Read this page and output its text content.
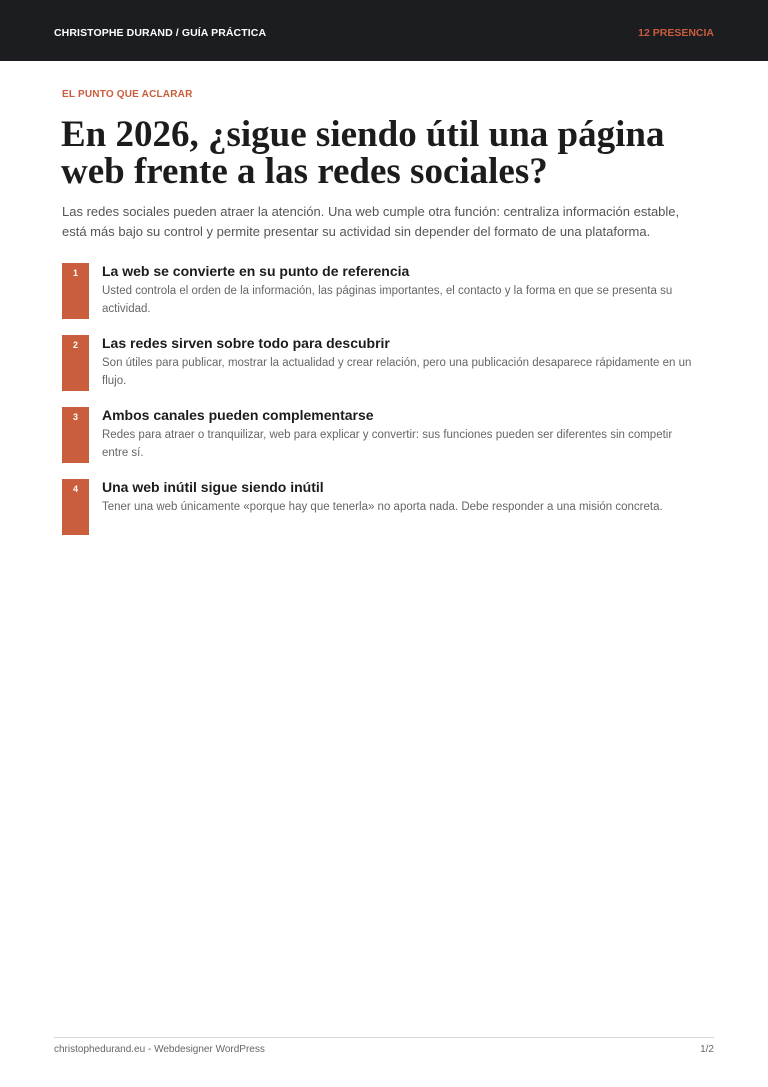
CHRISTOPHE DURAND / GUÍA PRÁCTICA	12 PRESENCIA
EL PUNTO QUE ACLARAR
En 2026, ¿sigue siendo útil una página web frente a las redes sociales?

Las redes sociales pueden atraer la atención. Una web cumple otra función: centraliza información estable, está más bajo su control y permite presentar su actividad sin depender del formato de una plataforma.

1	La web se convierte en su punto de referencia
Usted controla el orden de la información, las páginas importantes, el contacto y la forma en que se presenta su actividad.
2	Las redes sirven sobre todo para descubrir
Son útiles para publicar, mostrar la actualidad y crear relación, pero una publicación desaparece rápidamente en un flujo.
3	Ambos canales pueden complementarse
Redes para atraer o tranquilizar, web para explicar y convertir: sus funciones pueden ser diferentes sin competir entre sí.
4	Una web inútil sigue siendo inútil
Tener una web únicamente «porque hay que tenerla» no aporta nada. Debe responder a una misión concreta.
christophedurand.eu - Webdesigner WordPress	1/2
